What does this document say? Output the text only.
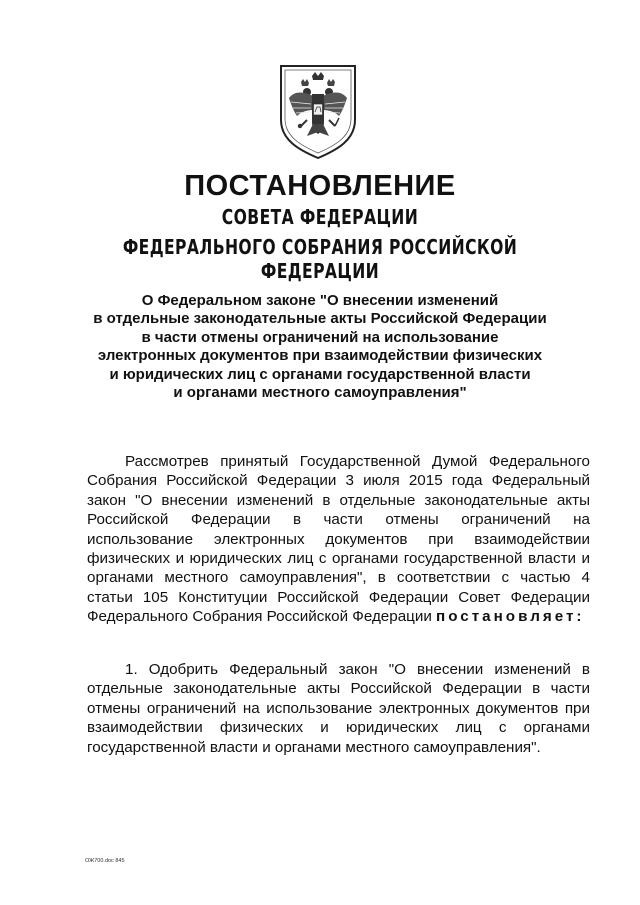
ПОСТАНОВЛЕНИЕ
СОВЕТА ФЕДЕРАЦИИ
ФЕДЕРАЛЬНОГО СОБРАНИЯ РОССИЙСКОЙ ФЕДЕРАЦИИ
О Федеральном законе "О внесении изменений
в отдельные законодательные акты Российской Федерации
в части отмены ограничений на использование
электронных документов при взаимодействии физических
и юридических лиц с органами государственной власти
и органами местного самоуправления"
Рассмотрев принятый Государственной Думой Федерального Собрания Российской Федерации 3 июля 2015 года Федеральный закон "О внесении изменений в отдельные законодательные акты Российской Федерации в части отмены ограничений на использование электронных документов при взаимодействии физических и юридических лиц с органами государственной власти и органами местного самоуправления", в соответствии с частью 4 статьи 105 Конституции Российской Федерации Совет Федерации Федерального Собрания Российской Федерации постановляет:
1. Одобрить Федеральный закон "О внесении изменений в отдельные законодательные акты Российской Федерации в части отмены ограничений на использование электронных документов при взаимодействии физических и юридических лиц с органами государственной власти и органами местного самоуправления".
ОЖ700.doc 845
